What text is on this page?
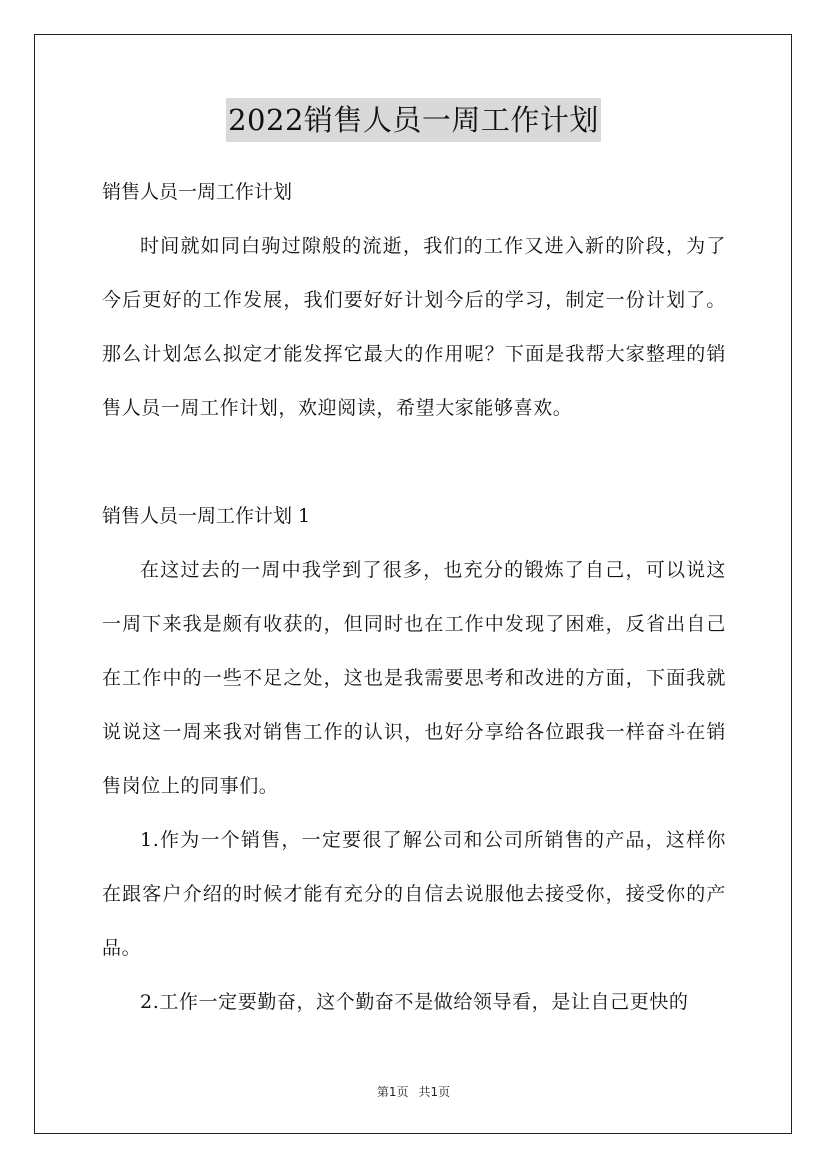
2022销售人员一周工作计划

销售人员一周工作计划

时间就如同白驹过隙般的流逝，我们的工作又进入新的阶段，为了今后更好的工作发展，我们要好好计划今后的学习，制定一份计划了。那么计划怎么拟定才能发挥它最大的作用呢？下面是我帮大家整理的销售人员一周工作计划，欢迎阅读，希望大家能够喜欢。

销售人员一周工作计划 1

在这过去的一周中我学到了很多，也充分的锻炼了自己，可以说这一周下来我是颇有收获的，但同时也在工作中发现了困难，反省出自己在工作中的一些不足之处，这也是我需要思考和改进的方面，下面我就说说这一周来我对销售工作的认识，也好分享给各位跟我一样奋斗在销售岗位上的同事们。

1.作为一个销售，一定要很了解公司和公司所销售的产品，这样你在跟客户介绍的时候才能有充分的自信去说服他去接受你，接受你的产品。

2.工作一定要勤奋，这个勤奋不是做给领导看，是让自己更快的

第1页 共1页
